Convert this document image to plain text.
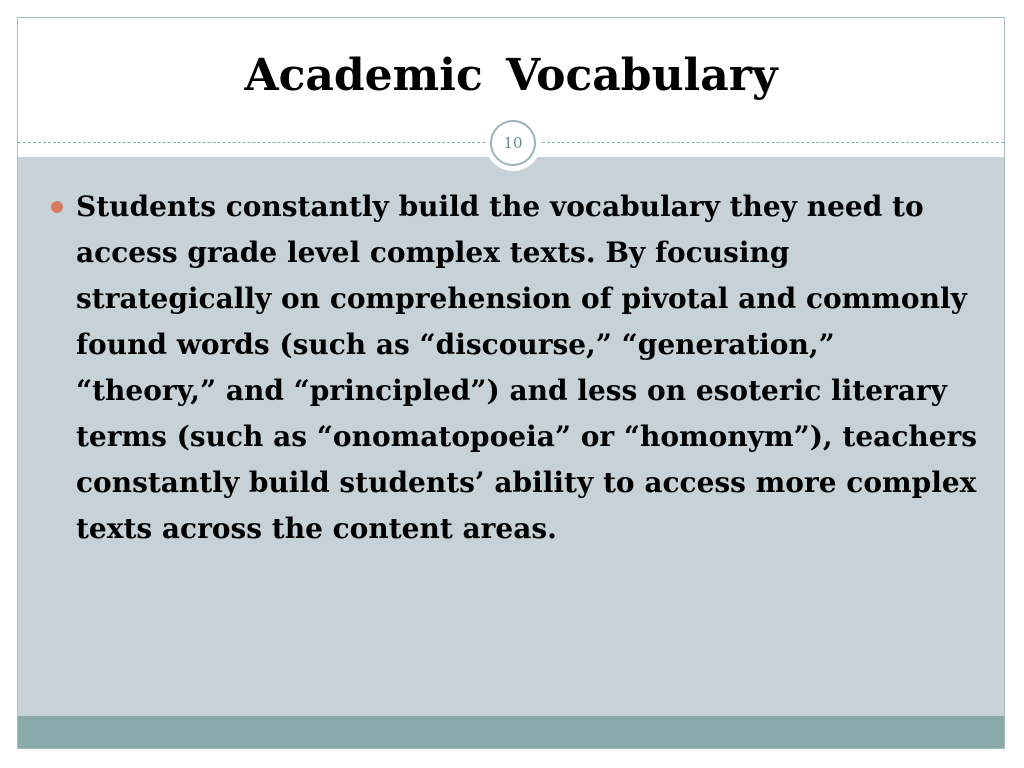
Academic Vocabulary
10
Students constantly build the vocabulary they need to access grade level complex texts. By focusing strategically on comprehension of pivotal and commonly found words (such as “discourse,” “generation,” “theory,” and “principled”) and less on esoteric literary terms (such as “onomatopoeia” or “homonym”), teachers constantly build students’ ability to access more complex texts across the content areas.
